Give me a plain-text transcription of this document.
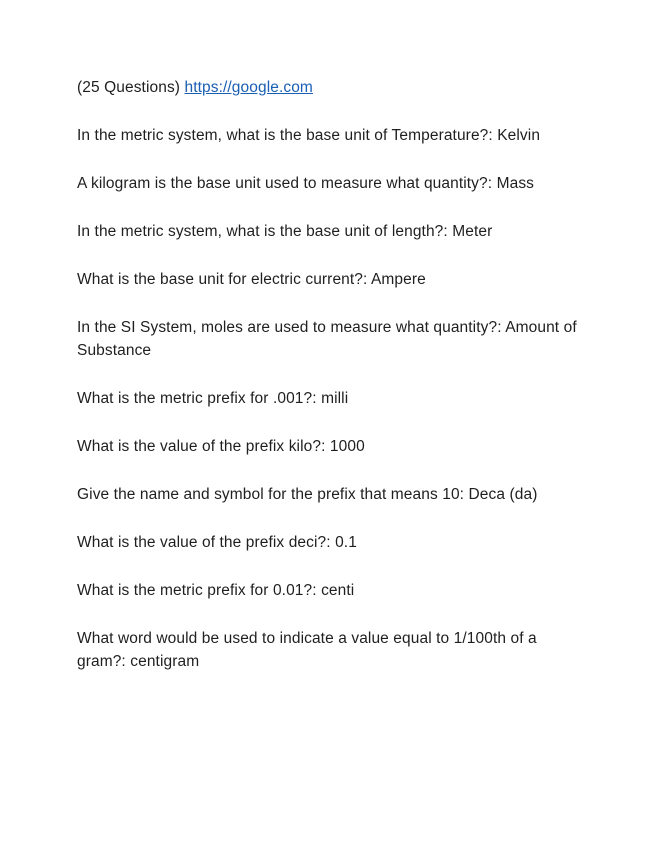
(25 Questions) https://google.com
In the metric system, what is the base unit of Temperature?: Kelvin
A kilogram is the base unit used to measure what quantity?: Mass
In the metric system, what is the base unit of length?: Meter
What is the base unit for electric current?: Ampere
In the SI System, moles are used to measure what quantity?: Amount of Substance
What is the metric prefix for .001?: milli
What is the value of the prefix kilo?: 1000
Give the name and symbol for the prefix that means 10: Deca (da)
What is the value of the prefix deci?: 0.1
What is the metric prefix for 0.01?: centi
What word would be used to indicate a value equal to 1/100th of a gram?: centigram
